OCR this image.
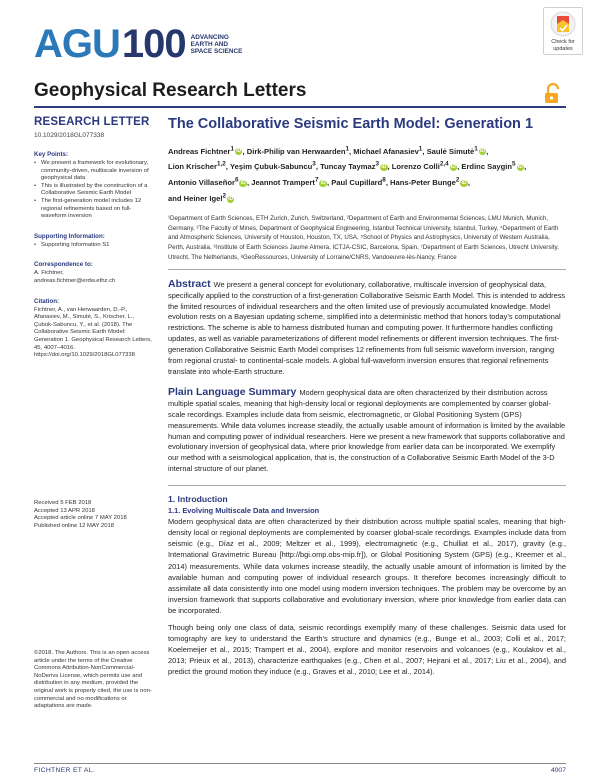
AGU 100 ADVANCING
EARTH AND
SPACE SCIENCE
Check for
updates
Geophysical Research Letters
RESEARCH LETTER
10.1029/2018GL077338
Key Points:
• We present a framework for evolutionary, community-driven, multiscale inversion of geophysical data
• This is illustrated by the construction of a Collaborative Seismic Earth Model
• The first-generation model includes 12 regional refinements based on full-waveform inversion
Supporting Information:
• Supporting Information S1
Correspondence to:
A. Fichtner,
andreas.fichtner@erdw.ethz.ch
Citation:
Fichtner, A., van Herwaarden, D.-P., Afanasiev, M., Simutė, S., Krischer, L., Çubuk-Sabuncu, Y., et al. (2018). The Collaborative Seismic Earth Model: Generation 1. Geophysical Research Letters, 45, 4007–4016. https://doi.org/10.1029/2018GL077338
Received 5 FEB 2018
Accepted 13 APR 2018
Accepted article online 7 MAY 2018
Published online 12 MAY 2018
©2018. The Authors. This is an open access article under the terms of the Creative Commons Attribution-NonCommercial-NoDerivs License, which permits use and distribution in any medium, provided the original work is properly cited, the use is non-commercial and no modifications or adaptations are made.
The Collaborative Seismic Earth Model: Generation 1
Andreas Fichtner$^1$ iD, Dirk-Philip van Herwaarden$^1$, Michael Afanasiev$^1$, Saulė Simutė$^1$ iD,
Lion Krischer$^{1,2}$, Yeşim Çubuk-Sabuncu$^3$, Tuncay Taymaz$^3$ iD, Lorenzo Colli$^{2,4}$ iD, Erdinc Saygin$^5$ iD,
Antonio Villaseñor$^6$ iD, Jeannot Trampert$^7$ iD, Paul Cupillard$^8$, Hans-Peter Bunge$^2$ iD,
and Heiner Igel$^2$ iD
¹Department of Earth Sciences, ETH Zurich, Zurich, Switzerland, ²Department of Earth and Environmental Sciences, LMU Munich, Munich, Germany, ³The Faculty of Mines, Department of Geophysical Engineering, Istanbul Technical University, Istanbul, Turkey, ⁴Department of Earth and Atmospheric Sciences, University of Houston, Houston, TX, USA, ⁵School of Physics and Astrophysics, University of Western Australia, Perth, Australia, ⁶Institute of Earth Sciences Jaume Almera, ICTJA-CSIC, Barcelona, Spain, ⁷Department of Earth Sciences, Utrecht University, Utrecht, The Netherlands, ⁸GeoRessources, University of Lorraine/CNRS, Vandoeuvre-lès-Nancy, France
Abstract We present a general concept for evolutionary, collaborative, multiscale inversion of geophysical data, specifically applied to the construction of a first-generation Collaborative Seismic Earth Model. This is intended to address the limited resources of individual researchers and the often limited use of previously accumulated knowledge. Model evolution rests on a Bayesian updating scheme, simplified into a deterministic method that honors today’s computational restrictions. The scheme is able to harness distributed human and computing power. It furthermore handles conflicting updates, as well as variable parameterizations of different model refinements or different inversion techniques. The first-generation Collaborative Seismic Earth Model comprises 12 refinements from full seismic waveform inversion, ranging from regional crustal- to continental-scale models. A global full-waveform inversion ensures that regional refinements translate into whole-Earth structure.
Plain Language Summary Modern geophysical data are often characterized by their distribution across multiple spatial scales, meaning that high-density local or regional deployments are complemented by coarser global-scale recordings. Examples include data from seismic, electromagnetic, or Global Positioning System (GPS) measurements. While data volumes increase steadily, the actually usable amount of information is limited by the available human and computing power of individual researchers. Here we present a new framework that supports collaborative and evolutionary inversion of geophysical data, where prior knowledge from earlier data can be incorporated. We exemplify our method with a seismological application, that is, the construction of a Collaborative Seismic Earth Model of the 3-D internal structure of our planet.
1. Introduction
1.1. Evolving Multiscale Data and Inversion
Modern geophysical data are often characterized by their distribution across multiple spatial scales, meaning that high-density local or regional deployments are complemented by coarser global-scale recordings. Examples include data from seismic (e.g., Díaz et al., 2009; Meltzer et al., 1999), electromagnetic (e.g., Chulliat et al., 2017), gravity (e.g., International Gravimetric Bureau [http://bgi.omp.obs-mip.fr]), or Global Positioning System (GPS) (e.g., Kreemer et al., 2014) measurements. While data volumes increase steadily, the actually usable amount of information is limited by the available human and computing power of individual research groups. It therefore becomes increasingly difficult to assimilate all data consistently into one model using modern inversion techniques. The problem may be overcome by an inversion framework that supports collaborative and evolutionary inversion, where prior knowledge from earlier data can be incorporated.
Though being only one class of data, seismic recordings exemplify many of these challenges. Seismic data used for tomography are key to understand the Earth’s structure and dynamics (e.g., Bunge et al., 2003; Colli et al., 2017; Koelemeijer et al., 2015; Trampert et al., 2004), explore and monitor reservoirs and volcanoes (e.g., Koulakov et al., 2013; Prieux et al., 2013), characterize earthquakes (e.g., Chen et al., 2007; Hejrani et al., 2017; Liu et al., 2004), and predict the ground motion they induce (e.g., Graves et al., 2010; Lee et al., 2014).
FICHTNER ET AL.	4007
